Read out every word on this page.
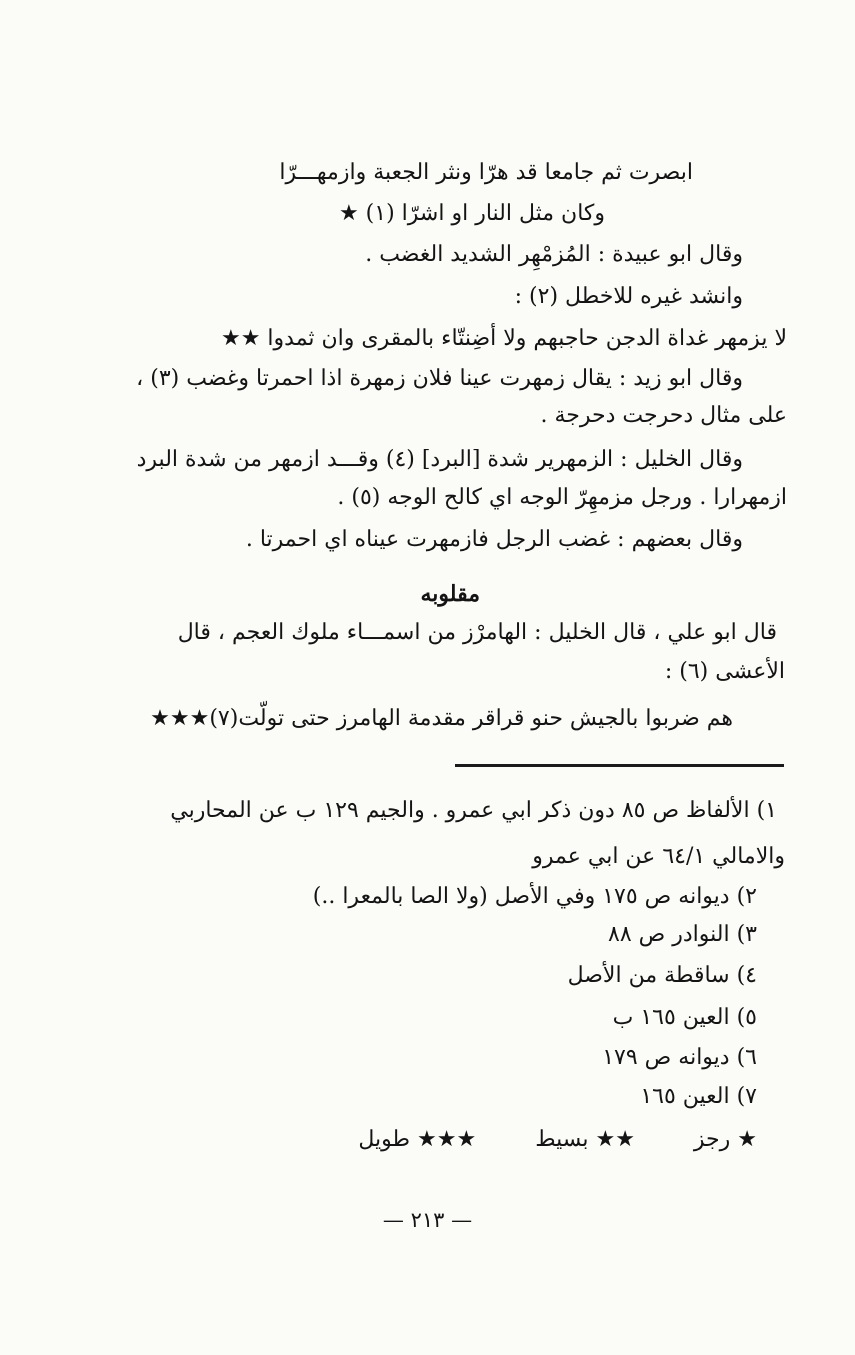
ابصرت ثم جامعا قد هرّا ونثر الجعبة وازمهـــرّا
وكان مثل النار او اشرّا (١) ★
وقال ابو عبيدة : المُزمْهِر الشديد الغضب .
وانشد غيره للاخطل (٢) :
لا يزمهر غداة الدجن حاجبهم ولا أضِنتّاء بالمقرى وان ثمدوا ★★
وقال ابو زيد : يقال زمهرت عينا فلان زمهرة اذا احمرتا وغضب (٣) ،
على مثال دحرجت دحرجة .
وقال الخليل : الزمهرير شدة [البرد] (٤) وقـــد ازمهر من شدة البرد
ازمهرارا . ورجل مزمهِرّ الوجه اي كالح الوجه (٥) .
وقال بعضهم : غضب الرجل فازمهرت عيناه اي احمرتا .
مقلوبه
قال ابو علي ، قال الخليل : الهامرْز من اسمـــاء ملوك العجم ، قال
الأعشى (٦) :
هم ضربوا بالجيش حنو قراقر مقدمة الهامرز حتى تولّت(٧)★★★
١) الألفاظ ص ٨٥ دون ذكر ابي عمرو . والجيم ١٢٩ ب عن المحاربي
والامالي ٦٤/١ عن ابي عمرو
٢) ديوانه ص ١٧٥ وفي الأصل (ولا الصا بالمعرا ..)
٣) النوادر ص ٨٨
٤) ساقطة من الأصل
٥) العين ١٦٥ ب
٦) ديوانه ص ١٧٩
٧) العين ١٦٥
★ رجز ★★ بسيط ★★★ طويل
— ٢١٣ —
